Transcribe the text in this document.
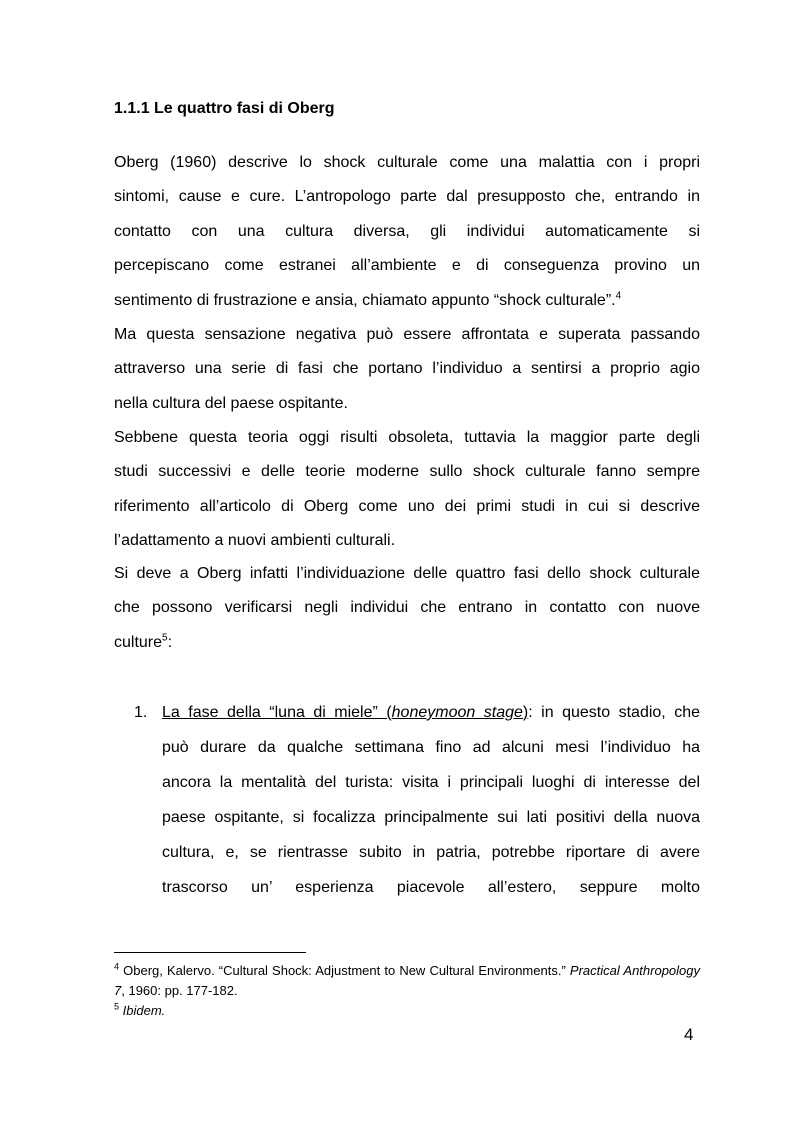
1.1.1 Le quattro fasi di Oberg
Oberg (1960) descrive lo shock culturale come una malattia con i propri
sintomi, cause e cure. L’antropologo parte dal presupposto che, entrando in
contatto con una cultura diversa, gli individui automaticamente si
percepiscano come estranei all’ambiente e di conseguenza provino un
sentimento di frustrazione e ansia, chiamato appunto “shock culturale”.$^4$
Ma questa sensazione negativa può essere affrontata e superata passando
attraverso una serie di fasi che portano l’individuo a sentirsi a proprio agio
nella cultura del paese ospitante.
Sebbene questa teoria oggi risulti obsoleta, tuttavia la maggior parte degli
studi successivi e delle teorie moderne sullo shock culturale fanno sempre
riferimento all’articolo di Oberg come uno dei primi studi in cui si descrive
l’adattamento a nuovi ambienti culturali.
Si deve a Oberg infatti l’individuazione delle quattro fasi dello shock culturale
che possono verificarsi negli individui che entrano in contatto con nuove
culture$^5$:
1. La fase della “luna di miele” (honeymoon stage): in questo stadio, che
può durare da qualche settimana fino ad alcuni mesi l’individuo ha
ancora la mentalità del turista: visita i principali luoghi di interesse del
paese ospitante, si focalizza principalmente sui lati positivi della nuova
cultura, e, se rientrasse subito in patria, potrebbe riportare di avere
trascorso un’ esperienza piacevole all’estero, seppure molto
$^4$ Oberg, Kalervo. “Cultural Shock: Adjustment to New Cultural Environments.” Practical Anthropology 7, 1960: pp. 177-182.
$^5$ Ibidem.
4
